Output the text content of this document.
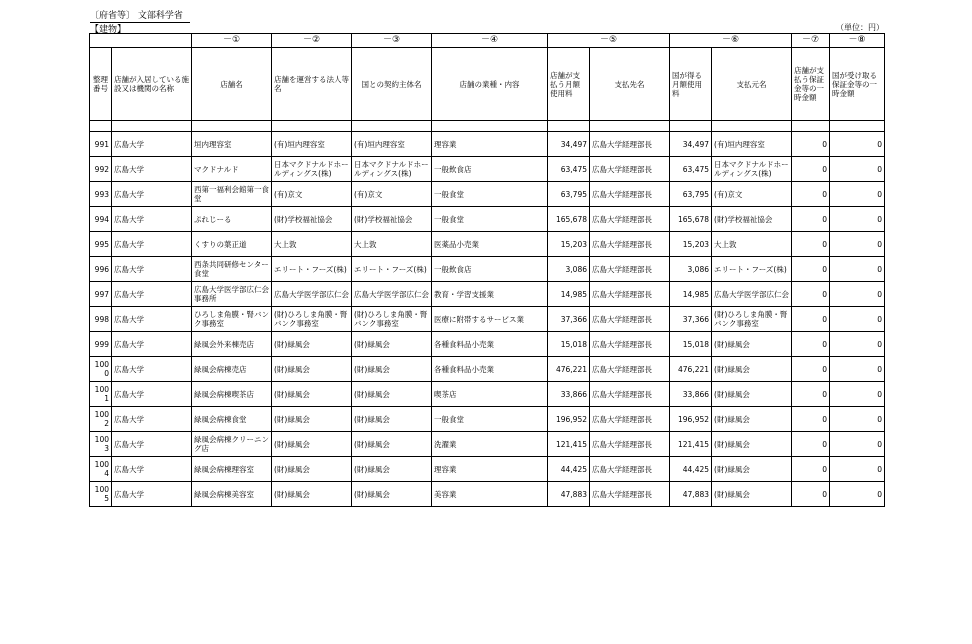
〔府省等〕 文部科学省
【建物】	（単位：円）
		－①	－②	－③	－④	－⑤		－⑥		－⑦	－⑧
整理番号	店舗が入居している施設又は機関の名称	店舗名	店舗を運営する法人等名	国との契約主体名	店舗の業種・内容	店舗が支払う月額使用料	支払先名	国が得る月額使用料	支払元名	店舗が支払う保証金等の一時金額	国が受け取る保証金等の一時金額

991	広島大学	垣内理容室	(有)垣内理容室	(有)垣内理容室	理容業	34,497	広島大学経理部長	34,497	(有)垣内理容室	0	0
992	広島大学	マクドナルド	日本マクドナルドホールディングス(株)	日本マクドナルドホールディングス(株)	一般飲食店	63,475	広島大学経理部長	63,475	日本マクドナルドホールディングス(株)	0	0
993	広島大学	西第一福利会館第一食堂	(有)京文	(有)京文	一般食堂	63,795	広島大学経理部長	63,795	(有)京文	0	0
994	広島大学	ぷれじーる	(財)学校福祉協会	(財)学校福祉協会	一般食堂	165,678	広島大学経理部長	165,678	(財)学校福祉協会	0	0
995	広島大学	くすりの葉正道	大上敦	大上敦	医薬品小売業	15,203	広島大学経理部長	15,203	大上敦	0	0
996	広島大学	西条共同研修センター食堂	エリート・フーズ(株)	エリート・フーズ(株)	一般飲食店	3,086	広島大学経理部長	3,086	エリート・フーズ(株)	0	0
997	広島大学	広島大学医学部広仁会事務所	広島大学医学部広仁会	広島大学医学部広仁会	教育・学習支援業	14,985	広島大学経理部長	14,985	広島大学医学部広仁会	0	0
998	広島大学	ひろしま角膜・腎バンク事務室	(財)ひろしま角膜・腎バンク事務室	(財)ひろしま角膜・腎バンク事務室	医療に附帯するサービス業	37,366	広島大学経理部長	37,366	(財)ひろしま角膜・腎バンク事務室	0	0
999	広島大学	緑風会外来棟売店	(財)緑風会	(財)緑風会	各種食料品小売業	15,018	広島大学経理部長	15,018	(財)緑風会	0	0
1000	広島大学	緑風会病棟売店	(財)緑風会	(財)緑風会	各種食料品小売業	476,221	広島大学経理部長	476,221	(財)緑風会	0	0
1001	広島大学	緑風会病棟喫茶店	(財)緑風会	(財)緑風会	喫茶店	33,866	広島大学経理部長	33,866	(財)緑風会	0	0
1002	広島大学	緑風会病棟食堂	(財)緑風会	(財)緑風会	一般食堂	196,952	広島大学経理部長	196,952	(財)緑風会	0	0
1003	広島大学	緑風会病棟クリーニング店	(財)緑風会	(財)緑風会	洗濯業	121,415	広島大学経理部長	121,415	(財)緑風会	0	0
1004	広島大学	緑風会病棟理容室	(財)緑風会	(財)緑風会	理容業	44,425	広島大学経理部長	44,425	(財)緑風会	0	0
1005	広島大学	緑風会病棟美容室	(財)緑風会	(財)緑風会	美容業	47,883	広島大学経理部長	47,883	(財)緑風会	0	0
